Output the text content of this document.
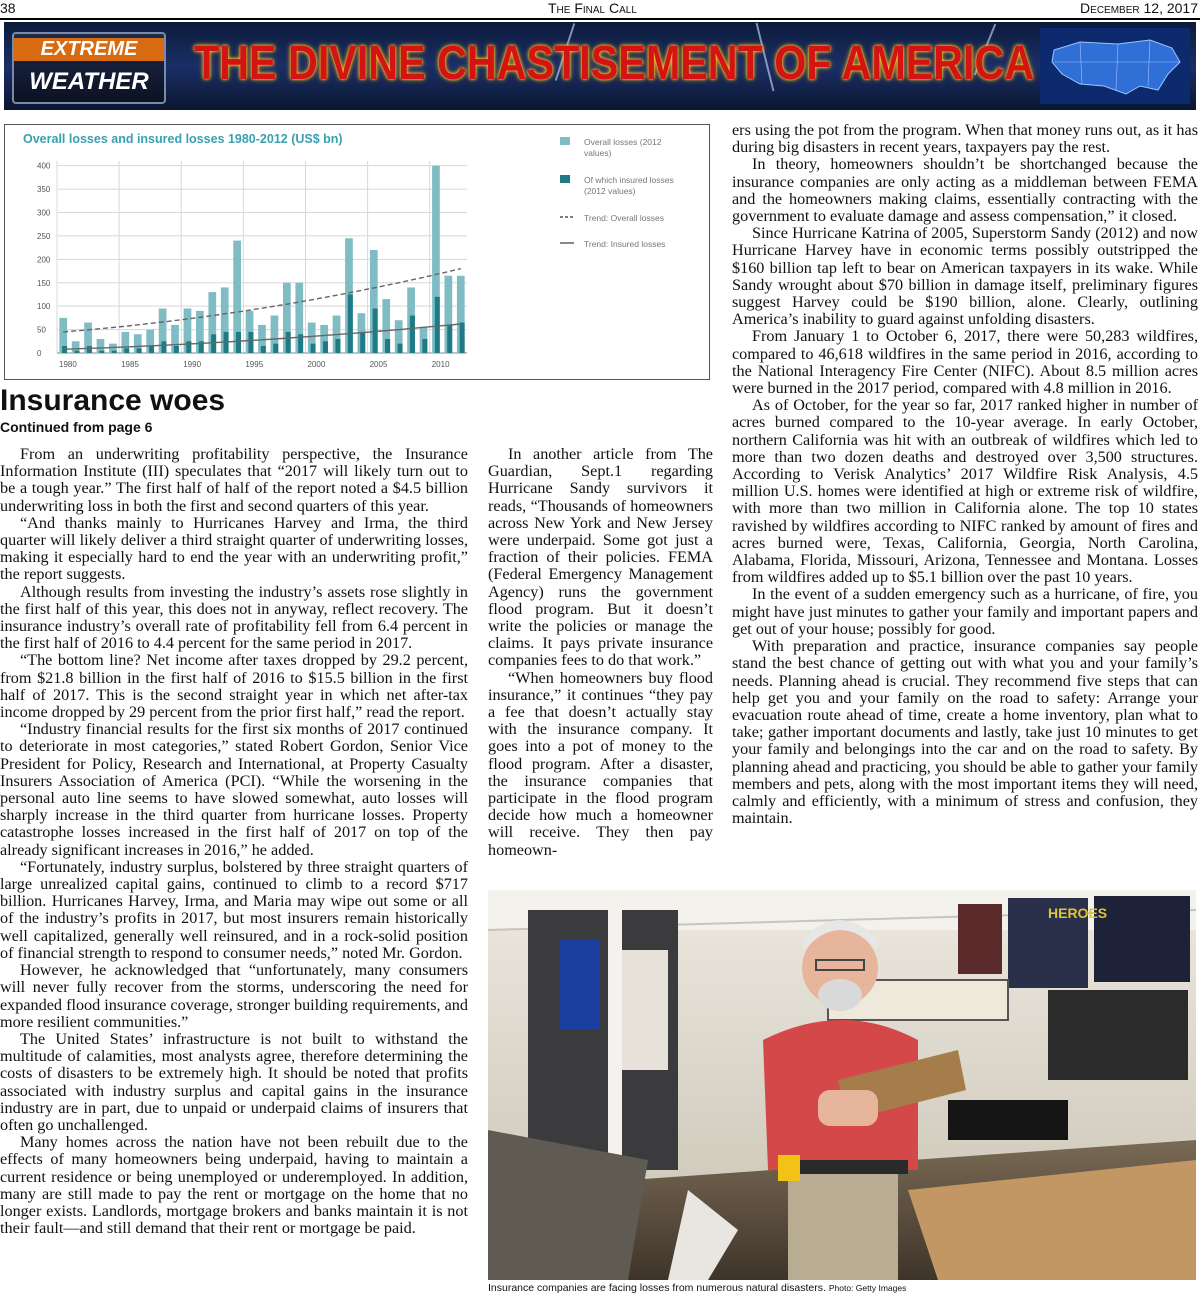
38	The Final Call	December 12, 2017
EXTREME
WEATHER THE DIVINE CHASTISEMENT OF AMERICA
Overall losses and insured losses 1980-2012 (US$ bn)
1980	1985	1990	1995	2000	2005	2010
0
50
100
150
200
250
300
350
400
Overall losses (2012 values)
Of which insured losses (2012 values)
Trend: Overall losses
Trend: Insured losses
Insurance woes
Continued from page 6

From an underwriting profitability perspective, the Insurance Information Institute (III) speculates that “2017 will likely turn out to be a tough year.” The first half of half of the report noted a $4.5 billion underwriting loss in both the first and second quarters of this year.

“And thanks mainly to Hurricanes Harvey and Irma, the third quarter will likely deliver a third straight quarter of underwriting losses, making it especially hard to end the year with an underwriting profit,” the report suggests.

Although results from investing the industry’s assets rose slightly in the first half of this year, this does not in anyway, reflect recovery. The insurance industry’s overall rate of profitability fell from 6.4 percent in the first half of 2016 to 4.4 percent for the same period in 2017.

“The bottom line? Net income after taxes dropped by 29.2 percent, from $21.8 billion in the first half of 2016 to $15.5 billion in the first half of 2017. This is the second straight year in which net after-tax income dropped by 29 percent from the prior first half,” read the report.

“Industry financial results for the first six months of 2017 continued to deteriorate in most categories,” stated Robert Gordon, Senior Vice President for Policy, Research and International, at Property Casualty Insurers Association of America (PCI). “While the worsening in the personal auto line seems to have slowed somewhat, auto losses will sharply increase in the third quarter from hurricane losses. Property catastrophe losses increased in the first half of 2017 on top of the already significant increases in 2016,” he added.

“Fortunately, industry surplus, bolstered by three straight quarters of large unrealized capital gains, continued to climb to a record $717 billion. Hurricanes Harvey, Irma, and Maria may wipe out some or all of the industry’s profits in 2017, but most insurers remain historically well capitalized, generally well reinsured, and in a rock-solid position of financial strength to respond to consumer needs,” noted Mr. Gordon.

However, he acknowledged that “unfortunately, many consumers will never fully recover from the storms, underscoring the need for expanded flood insurance coverage, stronger building requirements, and more resilient communities.”

The United States’ infrastructure is not built to withstand the multitude of calamities, most analysts agree, therefore determining the costs of disasters to be extremely high. It should be noted that profits associated with industry surplus and capital gains in the insurance industry are in part, due to unpaid or underpaid claims of insurers that often go unchallenged.

Many homes across the nation have not been rebuilt due to the effects of many homeowners being underpaid, having to maintain a current residence or being unemployed or underemployed. In addition, many are still made to pay the rent or mortgage on the home that no longer exists. Landlords, mortgage brokers and banks maintain it is not their fault—and still demand that their rent or mortgage be paid.

In another article from The Guardian, Sept.1 regarding Hurricane Sandy survivors it reads, “Thousands of homeowners across New York and New Jersey were underpaid. Some got just a fraction of their policies. FEMA (Federal Emergency Management Agency) runs the government flood program. But it doesn’t write the policies or manage the claims. It pays private insurance companies fees to do that work.”

“When homeowners buy flood insurance,” it continues “they pay a fee that doesn’t actually stay with the insurance company. It goes into a pot of money to the flood program. After a disaster, the insurance companies that participate in the flood program decide how much a homeowner will receive. They then pay homeown-

ers using the pot from the program. When that money runs out, as it has during big disasters in recent years, taxpayers pay the rest.

In theory, homeowners shouldn’t be shortchanged because the insurance companies are only acting as a middleman between FEMA and the homeowners making claims, essentially contracting with the government to evaluate damage and assess compensation,” it closed.

Since Hurricane Katrina of 2005, Superstorm Sandy (2012) and now Hurricane Harvey have in economic terms possibly outstripped the $160 billion tap left to bear on American taxpayers in its wake. While Sandy wrought about $70 billion in damage itself, preliminary figures suggest Harvey could be $190 billion, alone. Clearly, outlining America’s inability to guard against unfolding disasters.

From January 1 to October 6, 2017, there were 50,283 wildfires, compared to 46,618 wildfires in the same period in 2016, according to the National Interagency Fire Center (NIFC). About 8.5 million acres were burned in the 2017 period, compared with 4.8 million in 2016.

As of October, for the year so far, 2017 ranked higher in number of acres burned compared to the 10-year average. In early October, northern California was hit with an outbreak of wildfires which led to more than two dozen deaths and destroyed over 3,500 structures. According to Verisk Analytics’ 2017 Wildfire Risk Analysis, 4.5 million U.S. homes were identified at high or extreme risk of wildfire, with more than two million in California alone. The top 10 states ravished by wildfires according to NIFC ranked by amount of fires and acres burned were, Texas, California, Georgia, North Carolina, Alabama, Florida, Missouri, Arizona, Tennessee and Montana. Losses from wildfires added up to $5.1 billion over the past 10 years.

In the event of a sudden emergency such as a hurricane, of fire, you might have just minutes to gather your family and important papers and get out of your house; possibly for good.

With preparation and practice, insurance companies say people stand the best chance of getting out with what you and your family’s needs. Planning ahead is crucial. They recommend five steps that can help get you and your family on the road to safety: Arrange your evacuation route ahead of time, create a home inventory, plan what to take; gather important documents and lastly, take just 10 minutes to get your family and belongings into the car and on the road to safety. By planning ahead and practicing, you should be able to gather your family members and pets, along with the most important items they will need, calmly and efficiently, with a minimum of stress and confusion, they maintain.

HEROES
Insurance companies are facing losses from numerous natural disasters. Photo: Getty Images
